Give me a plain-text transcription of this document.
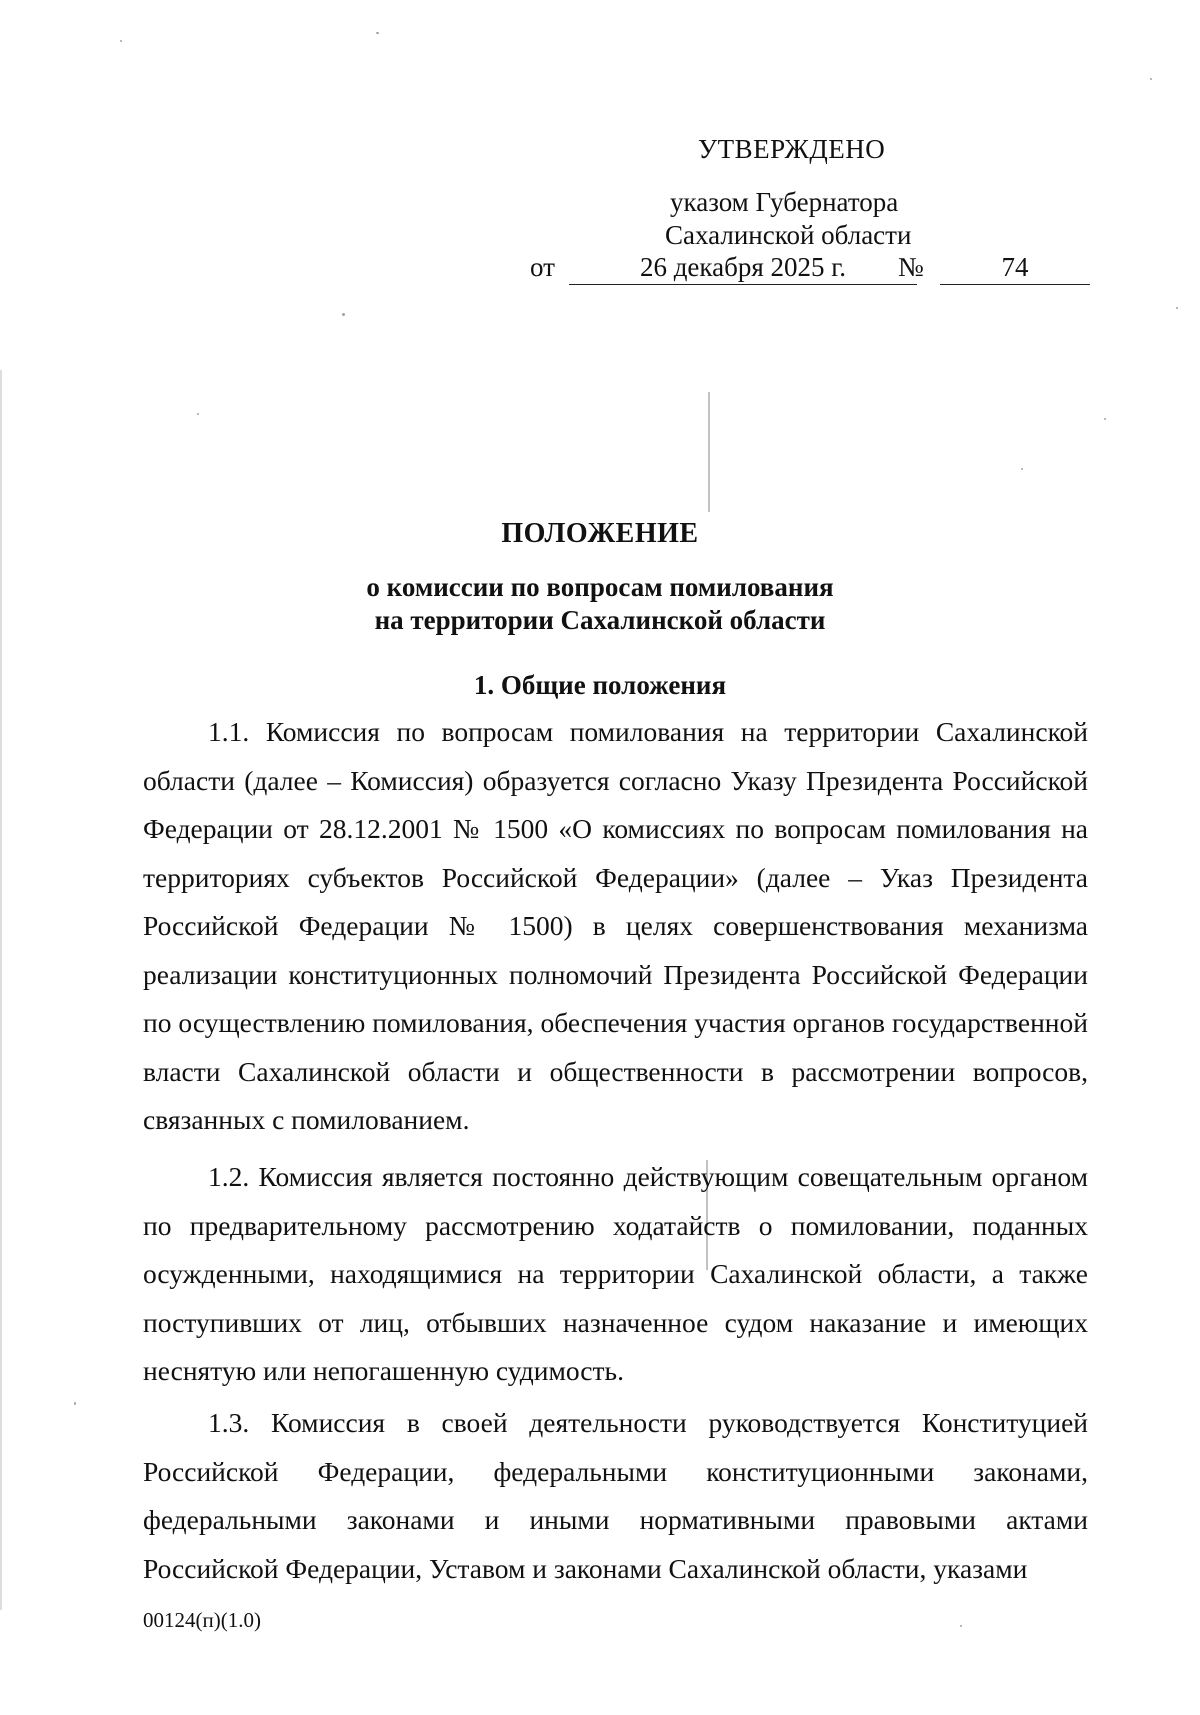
УТВЕРЖДЕНО
указом Губернатора
Сахалинской области
от	26 декабря 2025 г.	№	74
ПОЛОЖЕНИЕ
о комиссии по вопросам помилования
на территории Сахалинской области
1. Общие положения

1.1. Комиссия по вопросам помилования на территории Сахалинской области (далее – Комиссия) образуется согласно Указу Президента Российской Федерации от 28.12.2001 № 1500 «О комиссиях по вопросам помилования на территориях субъектов Российской Федерации» (далее – Указ Президента Российской Федерации № 1500) в целях совершенствования механизма реализации конституционных полномочий Президента Российской Федерации по осуществлению помилования, обеспечения участия органов государственной власти Сахалинской области и общественности в рассмотрении вопросов, связанных с помилованием.

1.2. Комиссия является постоянно действующим совещательным органом по предварительному рассмотрению ходатайств о помиловании, поданных осужденными, находящимися на территории Сахалинской области, а также поступивших от лиц, отбывших назначенное судом наказание и имеющих неснятую или непогашенную судимость.

1.3. Комиссия в своей деятельности руководствуется Конституцией Российской Федерации, федеральными конституционными законами, федеральными законами и иными нормативными правовыми актами Российской Федерации, Уставом и законами Сахалинской области, указами

00124(п)(1.0)
